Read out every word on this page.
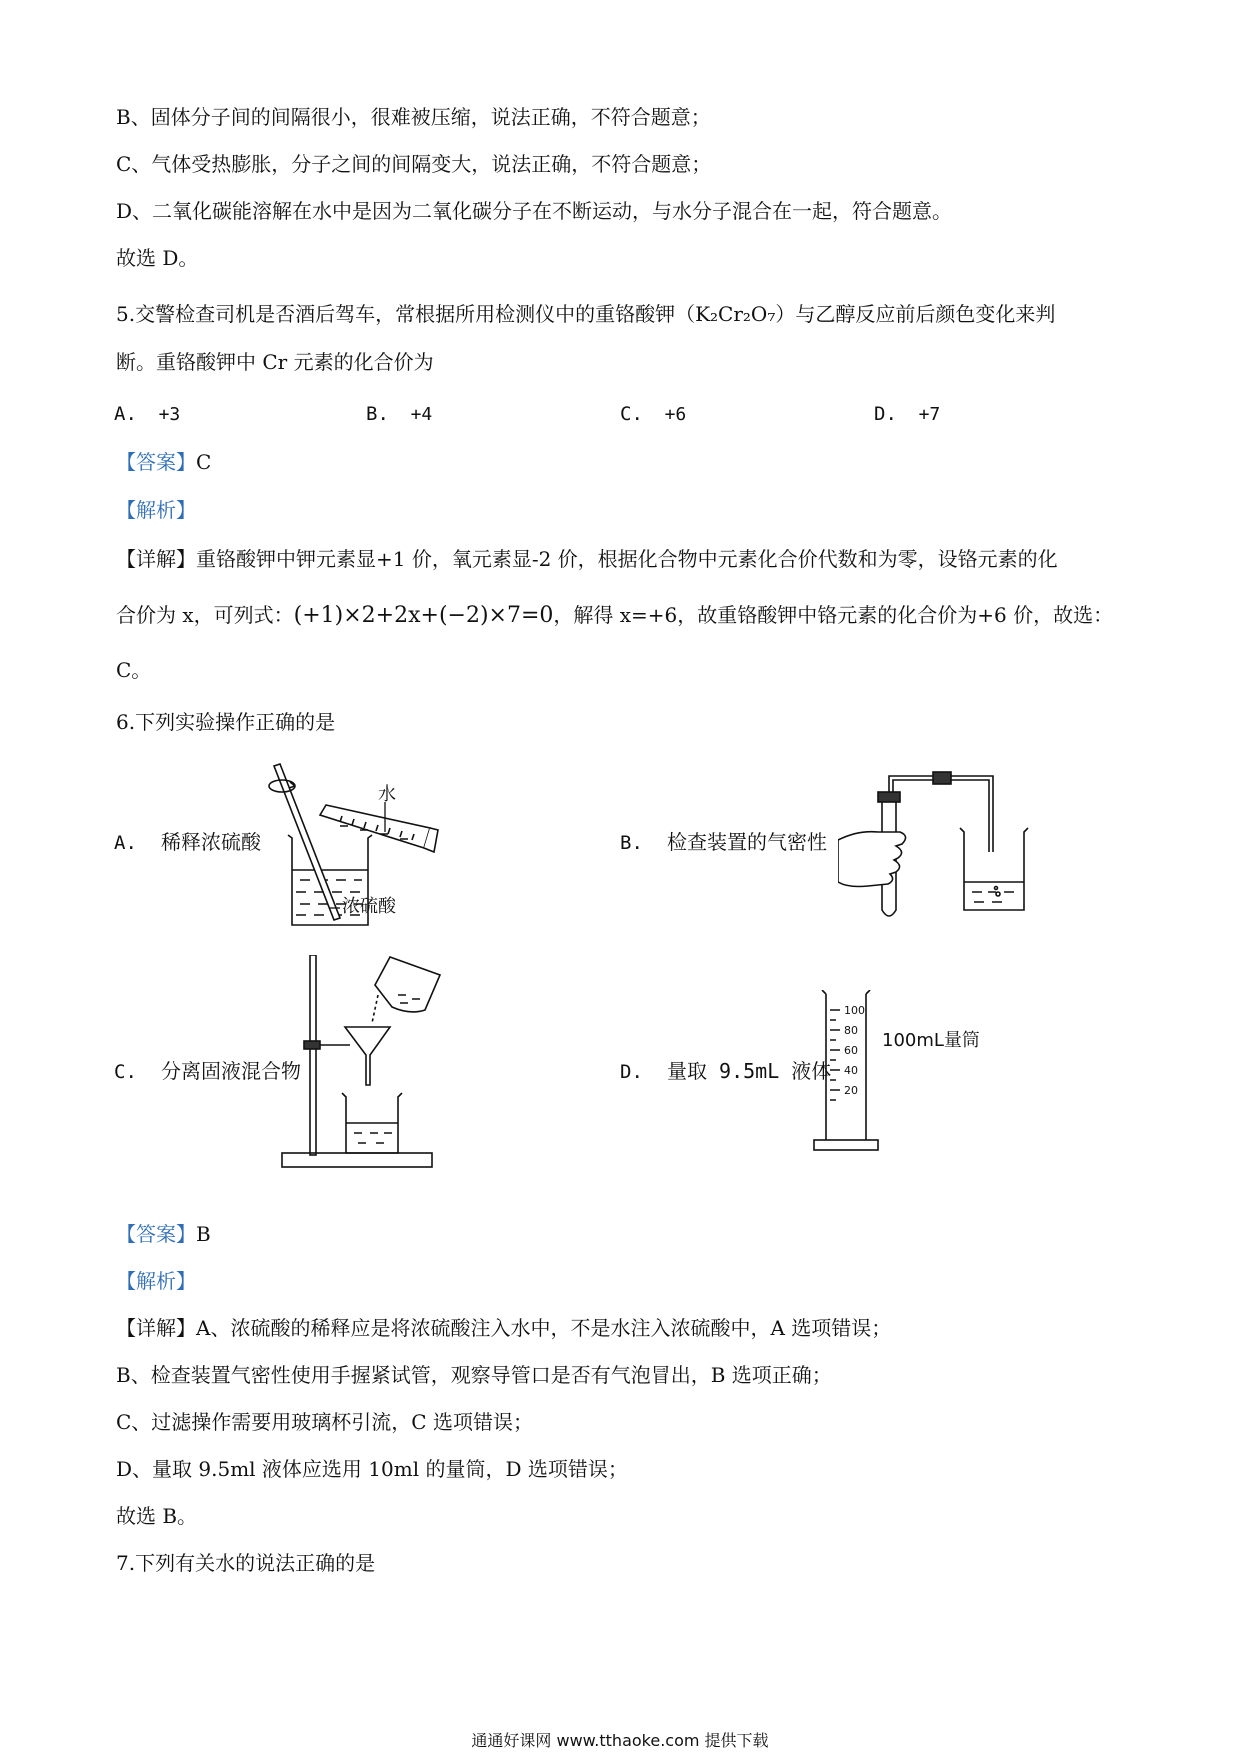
B、固体分子间的间隔很小，很难被压缩，说法正确，不符合题意；
C、气体受热膨胀，分子之间的间隔变大，说法正确，不符合题意；
D、二氧化碳能溶解在水中是因为二氧化碳分子在不断运动，与水分子混合在一起，符合题意。
故选 D。
5.交警检查司机是否酒后驾车，常根据所用检测仪中的重铬酸钾（K₂Cr₂O₇）与乙醇反应前后颜色变化来判
断。重铬酸钾中 Cr 元素的化合价为
A. +3	B. +4	C. +6	D. +7
【答案】C
【解析】
【详解】重铬酸钾中钾元素显+1 价，氧元素显-2 价，根据化合物中元素化合价代数和为零，设铬元素的化
合价为 x，可列式：(+1)×2+2x+(−2)×7=0，解得 x=+6，故重铬酸钾中铬元素的化合价为+6 价，故选：
C。
6.下列实验操作正确的是
A. 稀释浓硫酸	B. 检查装置的气密性
C. 分离固液混合物	D. 量取 9.5mL 液体
水
浓硫酸
100
80
60
40
20
100mL量筒
【答案】B
【解析】
【详解】A、浓硫酸的稀释应是将浓硫酸注入水中，不是水注入浓硫酸中，A 选项错误；
B、检查装置气密性使用手握紧试管，观察导管口是否有气泡冒出，B 选项正确；
C、过滤操作需要用玻璃杯引流，C 选项错误；
D、量取 9.5ml 液体应选用 10ml 的量筒，D 选项错误；
故选 B。
7.下列有关水的说法正确的是
通通好课网 www.tthaoke.com 提供下载
